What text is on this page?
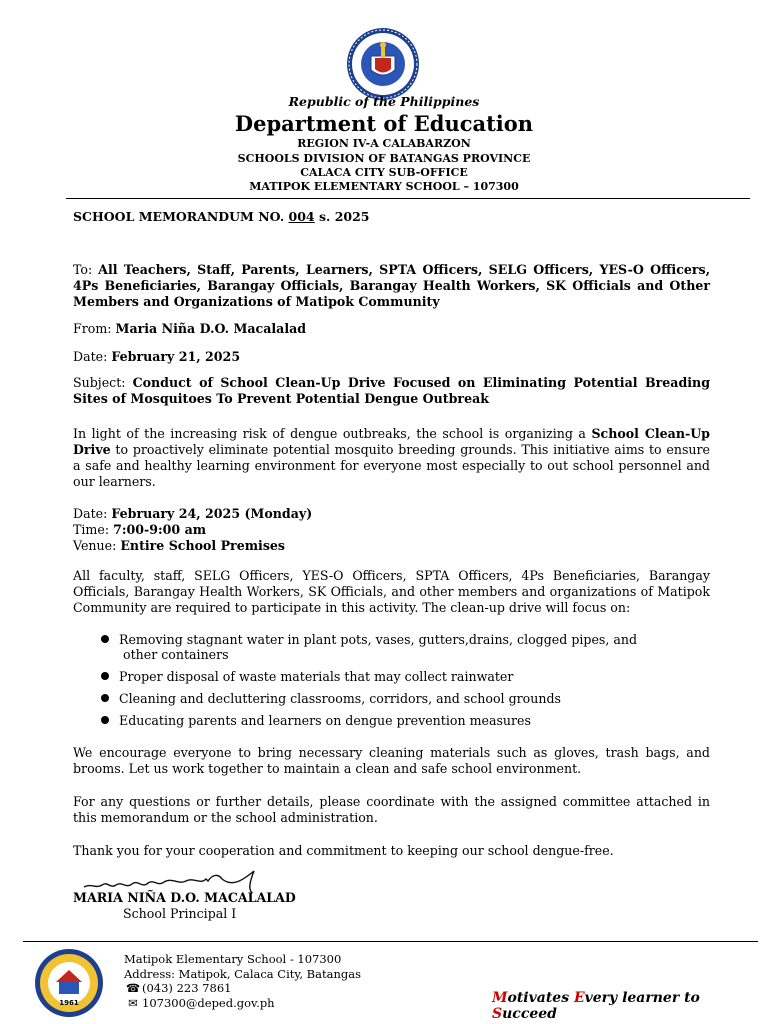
Republic of the Philippines
Department of Education
REGION IV-A CALABARZON
SCHOOLS DIVISION OF BATANGAS PROVINCE
CALACA CITY SUB-OFFICE
MATIPOK ELEMENTARY SCHOOL – 107300
SCHOOL MEMORANDUM NO. 004 s. 2025
To: All Teachers, Staff, Parents, Learners, SPTA Officers, SELG Officers, YES-O Officers, 4Ps Beneficiaries, Barangay Officials, Barangay Health Workers, SK Officials and Other Members and Organizations of Matipok Community
From: Maria Niña D.O. Macalalad
Date: February 21, 2025
Subject: Conduct of School Clean-Up Drive Focused on Eliminating Potential Breading Sites of Mosquitoes To Prevent Potential Dengue Outbreak
In light of the increasing risk of dengue outbreaks, the school is organizing a School Clean-Up Drive to proactively eliminate potential mosquito breeding grounds. This initiative aims to ensure a safe and healthy learning environment for everyone most especially to out school personnel and our learners.
Date: February 24, 2025 (Monday)
Time: 7:00-9:00 am
Venue: Entire School Premises
All faculty, staff, SELG Officers, YES-O Officers, SPTA Officers, 4Ps Beneficiaries, Barangay Officials, Barangay Health Workers, SK Officials, and other members and organizations of Matipok Community are required to participate in this activity. The clean-up drive will focus on:
Removing stagnant water in plant pots, vases, gutters,drains, clogged pipes, and
other containers
Proper disposal of waste materials that may collect rainwater
Cleaning and decluttering classrooms, corridors, and school grounds
Educating parents and learners on dengue prevention measures
We encourage everyone to bring necessary cleaning materials such as gloves, trash bags, and brooms. Let us work together to maintain a clean and safe school environment.
For any questions or further details, please coordinate with the assigned committee attached in this memorandum or the school administration.
Thank you for your cooperation and commitment to keeping our school dengue-free.
MARIA NIÑA D.O. MACALALAD
School Principal I
1961
Matipok Elementary School - 107300
Address: Matipok, Calaca City, Batangas
☎ (043) 223 7861
✉ 107300@deped.gov.ph	Motivates Every learner to Succeed
